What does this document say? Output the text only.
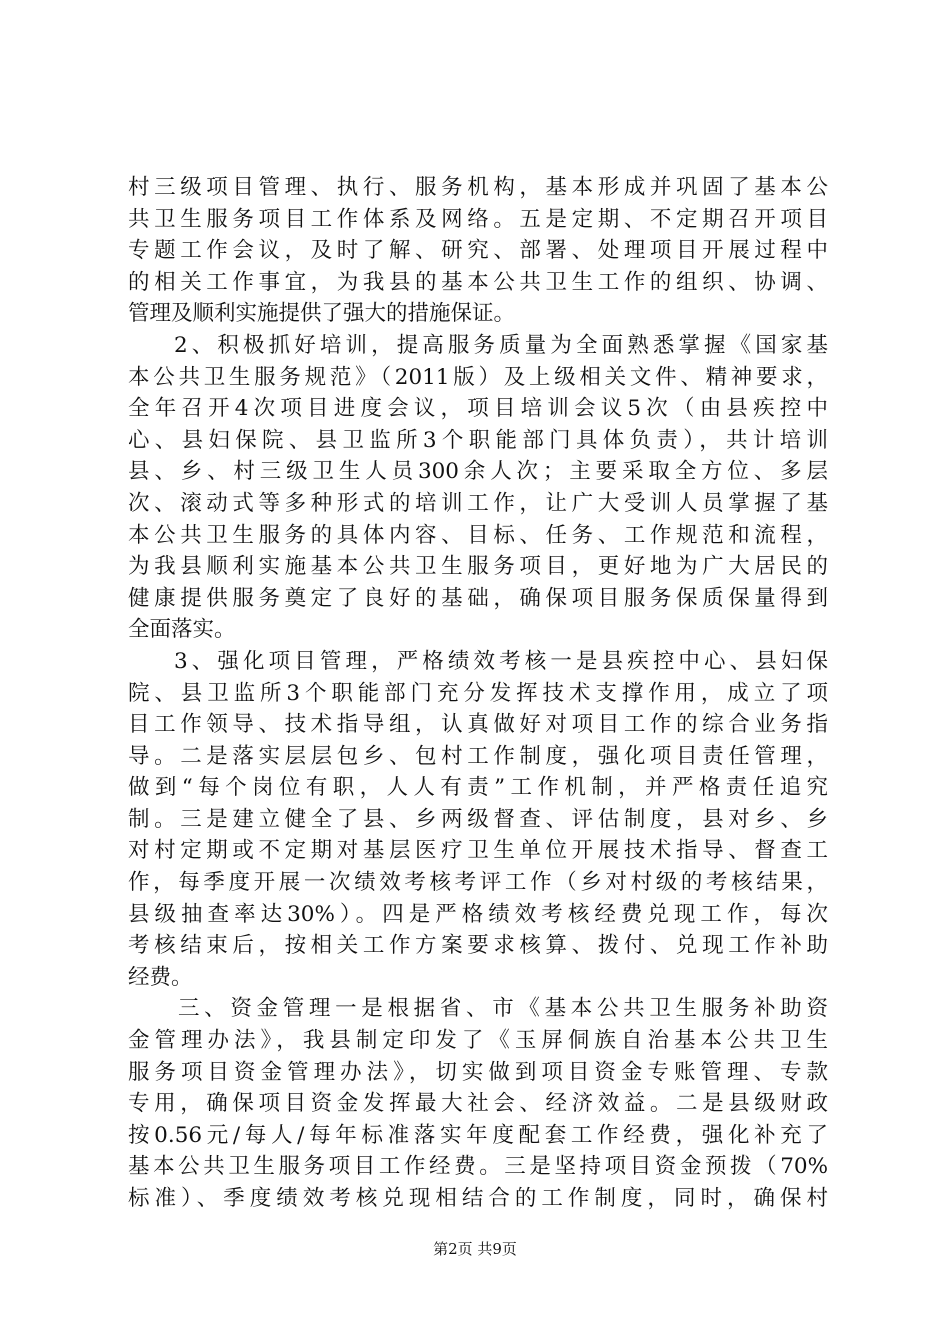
村三级项目管理、执行、服务机构，基本形成并巩固了基本公
共卫生服务项目工作体系及网络。五是定期、不定期召开项目
专题工作会议，及时了解、研究、部署、处理项目开展过程中
的相关工作事宜，为我县的基本公共卫生工作的组织、协调、
管理及顺利实施提供了强大的措施保证。
2、积极抓好培训，提高服务质量为全面熟悉掌握《国家基
本公共卫生服务规范》（2011版）及上级相关文件、精神要求，
全年召开4次项目进度会议，项目培训会议5次（由县疾控中
心、县妇保院、县卫监所3个职能部门具体负责），共计培训
县、乡、村三级卫生人员300余人次；主要采取全方位、多层
次、滚动式等多种形式的培训工作，让广大受训人员掌握了基
本公共卫生服务的具体内容、目标、任务、工作规范和流程，
为我县顺利实施基本公共卫生服务项目，更好地为广大居民的
健康提供服务奠定了良好的基础，确保项目服务保质保量得到
全面落实。
3、强化项目管理，严格绩效考核一是县疾控中心、县妇保
院、县卫监所3个职能部门充分发挥技术支撑作用，成立了项
目工作领导、技术指导组，认真做好对项目工作的综合业务指
导。二是落实层层包乡、包村工作制度，强化项目责任管理，
做到“每个岗位有职，人人有责”工作机制，并严格责任追究
制。三是建立健全了县、乡两级督查、评估制度，县对乡、乡
对村定期或不定期对基层医疗卫生单位开展技术指导、督查工
作，每季度开展一次绩效考核考评工作（乡对村级的考核结果，
县级抽查率达30%）。四是严格绩效考核经费兑现工作，每次
考核结束后，按相关工作方案要求核算、拨付、兑现工作补助
经费。
三、资金管理一是根据省、市《基本公共卫生服务补助资
金管理办法》，我县制定印发了《玉屏侗族自治基本公共卫生
服务项目资金管理办法》，切实做到项目资金专账管理、专款
专用，确保项目资金发挥最大社会、经济效益。二是县级财政
按0.56元/每人/每年标准落实年度配套工作经费，强化补充了
基本公共卫生服务项目工作经费。三是坚持项目资金预拨（70%
标准）、季度绩效考核兑现相结合的工作制度，同时，确保村
第2页 共9页
